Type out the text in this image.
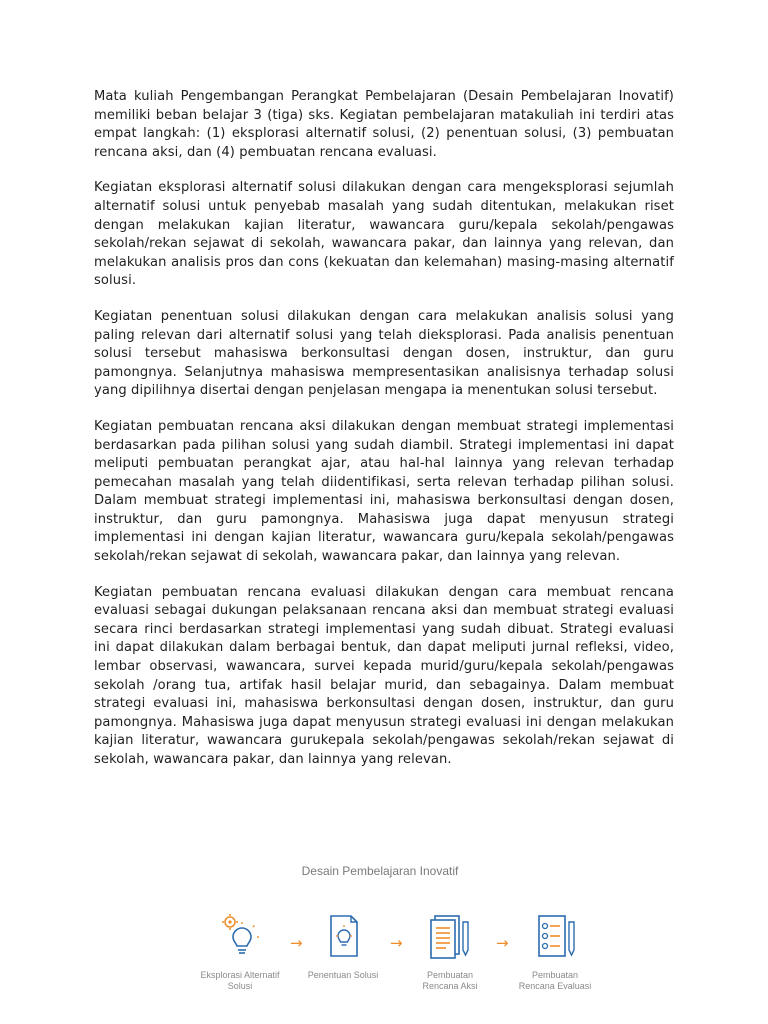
Mata kuliah Pengembangan Perangkat Pembelajaran (Desain Pembelajaran Inovatif) memiliki beban belajar 3 (tiga) sks. Kegiatan pembelajaran matakuliah ini terdiri atas empat langkah: (1) eksplorasi alternatif solusi, (2) penentuan solusi, (3) pembuatan rencana aksi, dan (4) pembuatan rencana evaluasi.

Kegiatan eksplorasi alternatif solusi dilakukan dengan cara mengeksplorasi sejumlah alternatif solusi untuk penyebab masalah yang sudah ditentukan, melakukan riset dengan melakukan kajian literatur, wawancara guru/kepala sekolah/pengawas sekolah/rekan sejawat di sekolah, wawancara pakar, dan lainnya yang relevan, dan melakukan analisis pros dan cons (kekuatan dan kelemahan) masing-masing alternatif solusi.

Kegiatan penentuan solusi dilakukan dengan cara melakukan analisis solusi yang paling relevan dari alternatif solusi yang telah dieksplorasi. Pada analisis penentuan solusi tersebut mahasiswa berkonsultasi dengan dosen, instruktur, dan guru pamongnya. Selanjutnya mahasiswa mempresentasikan analisisnya terhadap solusi yang dipilihnya disertai dengan penjelasan mengapa ia menentukan solusi tersebut.

Kegiatan pembuatan rencana aksi dilakukan dengan membuat strategi implementasi berdasarkan pada pilihan solusi yang sudah diambil. Strategi implementasi ini dapat meliputi pembuatan perangkat ajar, atau hal-hal lainnya yang relevan terhadap pemecahan masalah yang telah diidentifikasi, serta relevan terhadap pilihan solusi. Dalam membuat strategi implementasi ini, mahasiswa berkonsultasi dengan dosen, instruktur, dan guru pamongnya. Mahasiswa juga dapat menyusun strategi implementasi ini dengan kajian literatur, wawancara guru/kepala sekolah/pengawas sekolah/rekan sejawat di sekolah, wawancara pakar, dan lainnya yang relevan.

Kegiatan pembuatan rencana evaluasi dilakukan dengan cara membuat rencana evaluasi sebagai dukungan pelaksanaan rencana aksi dan membuat strategi evaluasi secara rinci berdasarkan strategi implementasi yang sudah dibuat. Strategi evaluasi ini dapat dilakukan dalam berbagai bentuk, dan dapat meliputi jurnal refleksi, video, lembar observasi, wawancara, survei kepada murid/guru/kepala sekolah/pengawas sekolah /orang tua, artifak hasil belajar murid, dan sebagainya. Dalam membuat strategi evaluasi ini, mahasiswa berkonsultasi dengan dosen, instruktur, dan guru pamongnya. Mahasiswa juga dapat menyusun strategi evaluasi ini dengan melakukan kajian literatur, wawancara gurukepala sekolah/pengawas sekolah/rekan sejawat di sekolah, wawancara pakar, dan lainnya yang relevan.

Desain Pembelajaran Inovatif
Eksplorasi Alternatif
Solusi
→
Penentuan Solusi
→
Pembuatan
Rencana Aksi
→
Pembuatan
Rencana Evaluasi
